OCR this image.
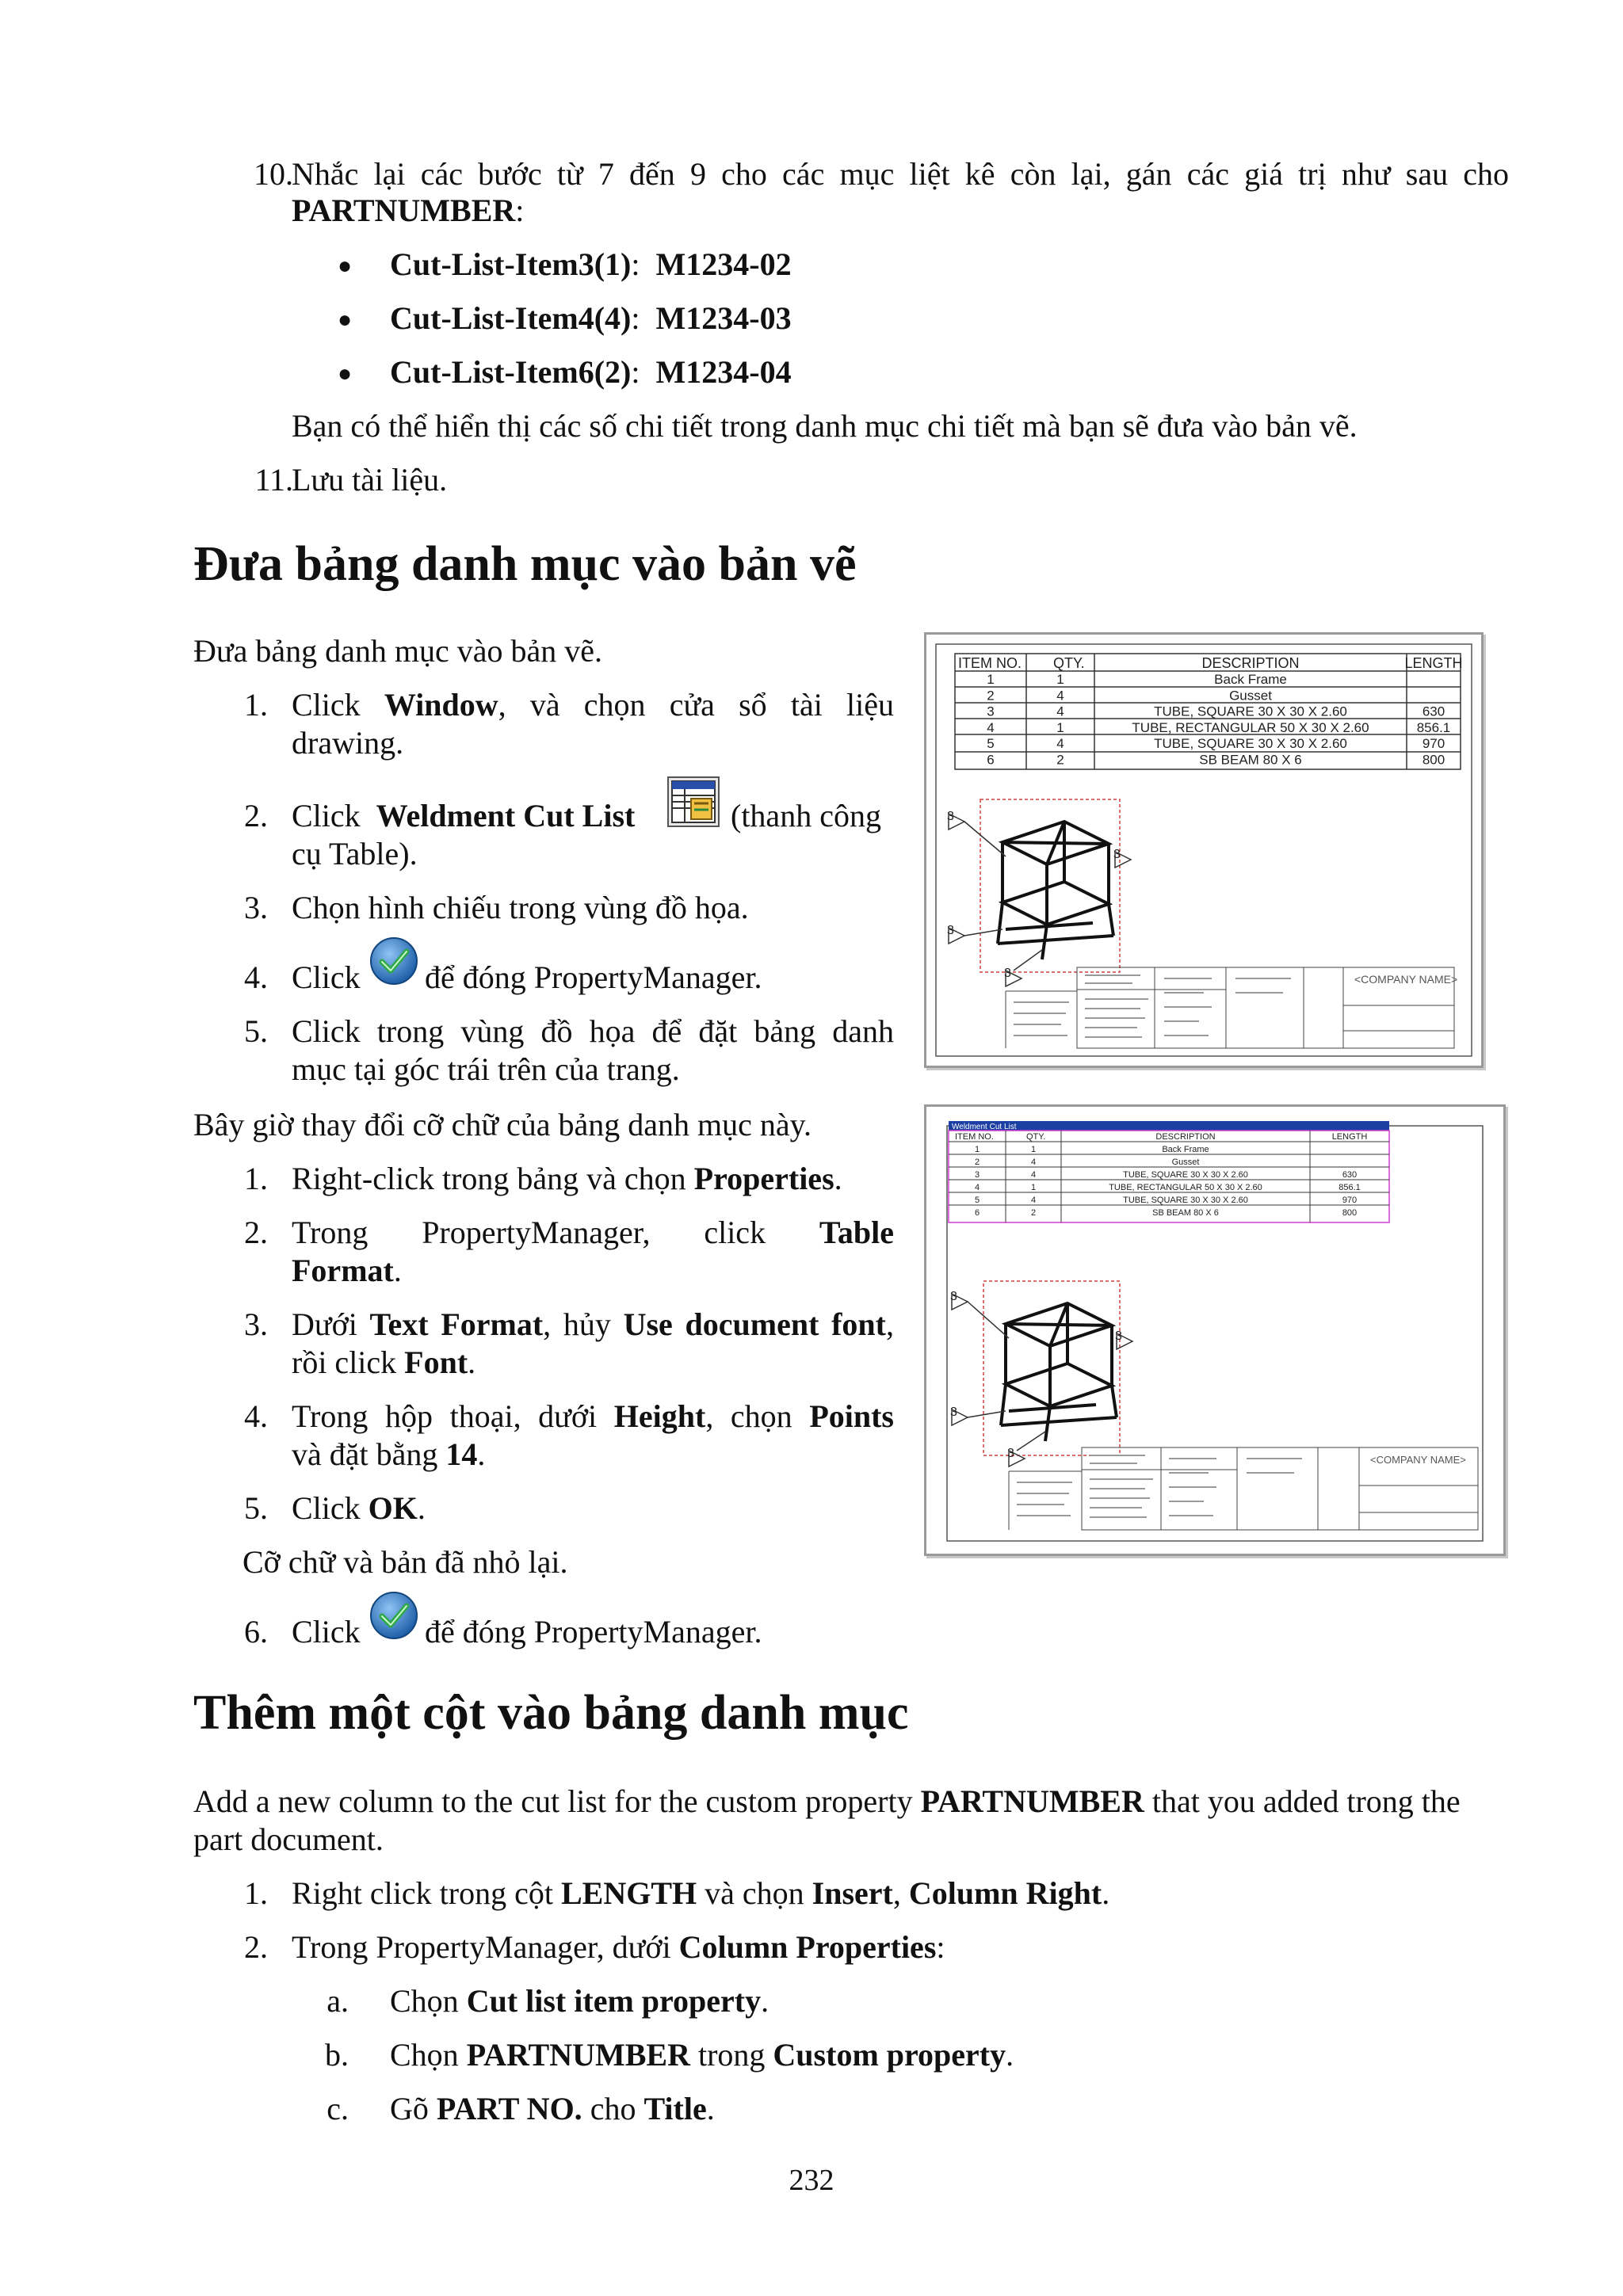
10.
Nhắc lại các bước từ 7 đến 9 cho các mục liệt kê còn lại, gán các giá trị như sau cho
PARTNUMBER:
● Cut-List-Item3(1): M1234-02
● Cut-List-Item4(4): M1234-03
● Cut-List-Item6(2): M1234-04
Bạn có thể hiển thị các số chi tiết trong danh mục chi tiết mà bạn sẽ đưa vào bản vẽ.
11.
Lưu tài liệu.
Đưa bảng danh mục vào bản vẽ
Đưa bảng danh mục vào bản vẽ.
1. Click Window, và chọn cửa sổ tài liệu
drawing.
2. Click  Weldment Cut List	(thanh công
cụ Table).
3. Chọn hình chiếu trong vùng đồ họa.
4. Click để đóng PropertyManager.
5. Click trong vùng đồ họa để đặt bảng danh
mục tại góc trái trên của trang.
Bây giờ thay đổi cỡ chữ của bảng danh mục này.
1. Right-click trong bảng và chọn Properties.
2. Trong PropertyManager, click Table
Format.
3. Dưới Text Format, hủy Use document font,
rồi click Font.
4. Trong hộp thoại, dưới Height, chọn Points
và đặt bằng 14.
5. Click OK.
Cỡ chữ và bản đã nhỏ lại.
6. Click để đóng PropertyManager.
ITEM NO. QTY.	DESCRIPTION	LENGTH
1	1	Back Frame
2	4	Gusset
3	4	TUBE, SQUARE 30 X 30 X 2.60	630
4	1	TUBE, RECTANGULAR 50 X 30 X 2.60	856.1
5	4	TUBE, SQUARE 30 X 30 X 2.60	970
6	2	SB BEAM 80 X 6	800
3
3
3
3	<COMPANY NAME>
Weldment Cut List
ITEM NO.	QTY.	DESCRIPTION	LENGTH
1	1	Back Frame
2	4	Gusset
3	4	TUBE, SQUARE 30 X 30 X 2.60	630
4	1	TUBE, RECTANGULAR 50 X 30 X 2.60	856.1
5	4	TUBE, SQUARE 30 X 30 X 2.60	970
6	2	SB BEAM 80 X 6	800
3
3
3
3	<COMPANY NAME>
Thêm một cột vào bảng danh mục
Add a new column to the cut list for the custom property PARTNUMBER that you added trong the
part document.
1. Right click trong cột LENGTH và chọn Insert, Column Right.
2. Trong PropertyManager, dưới Column Properties:
a. Chọn Cut list item property.
b. Chọn PARTNUMBER trong Custom property.
c. Gõ PART NO. cho Title.
232
